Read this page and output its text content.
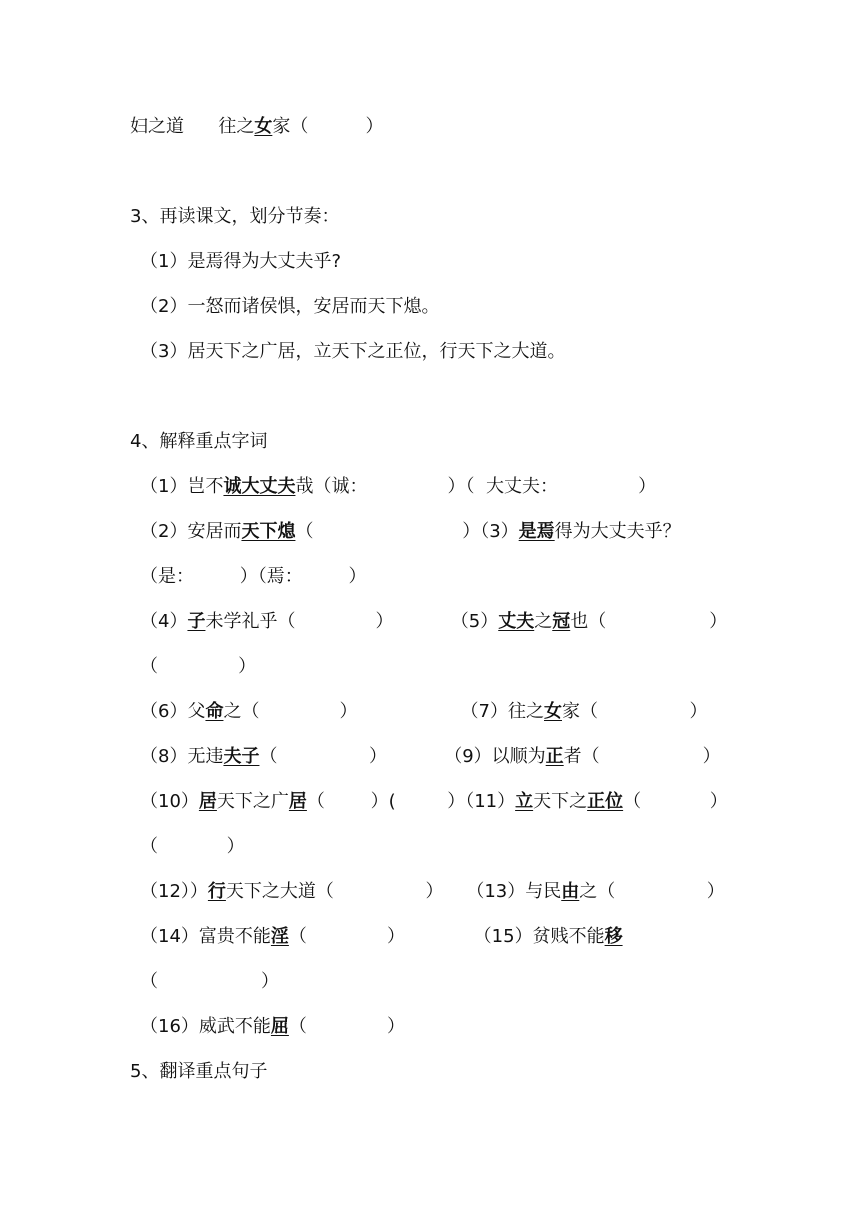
妇之道      往之女家（          ）
3、再读课文，划分节奏：
（1）是焉得为大丈夫乎?
（2）一怒而诸侯惧，安居而天下熄。
（3）居天下之广居，立天下之正位，行天下之大道。
4、解释重点字词
（1）岂不诚大丈夫哉（诚：              ）（  大丈夫：              ）
（2）安居而天下熄（                          ）（3）是焉得为大丈夫乎？
（是：        ）（焉：        ）
（4）子未学礼乎（              ）          （5）丈夫之冠也（                  ）
（              ）
（6）父命之（              ）                  （7）往之女家（                ）
（8）无违夫子（                ）          （9）以顺为正者（                  ）
（10）居天下之广居（        ）(         ）（11）立天下之正位（            ）
（            ）
（12））行天下之大道（                ）    （13）与民由之（                ）
（14）富贵不能淫（              ）            （15）贫贱不能移
（                  ）
（16）威武不能屈（              ）
5、翻译重点句子
